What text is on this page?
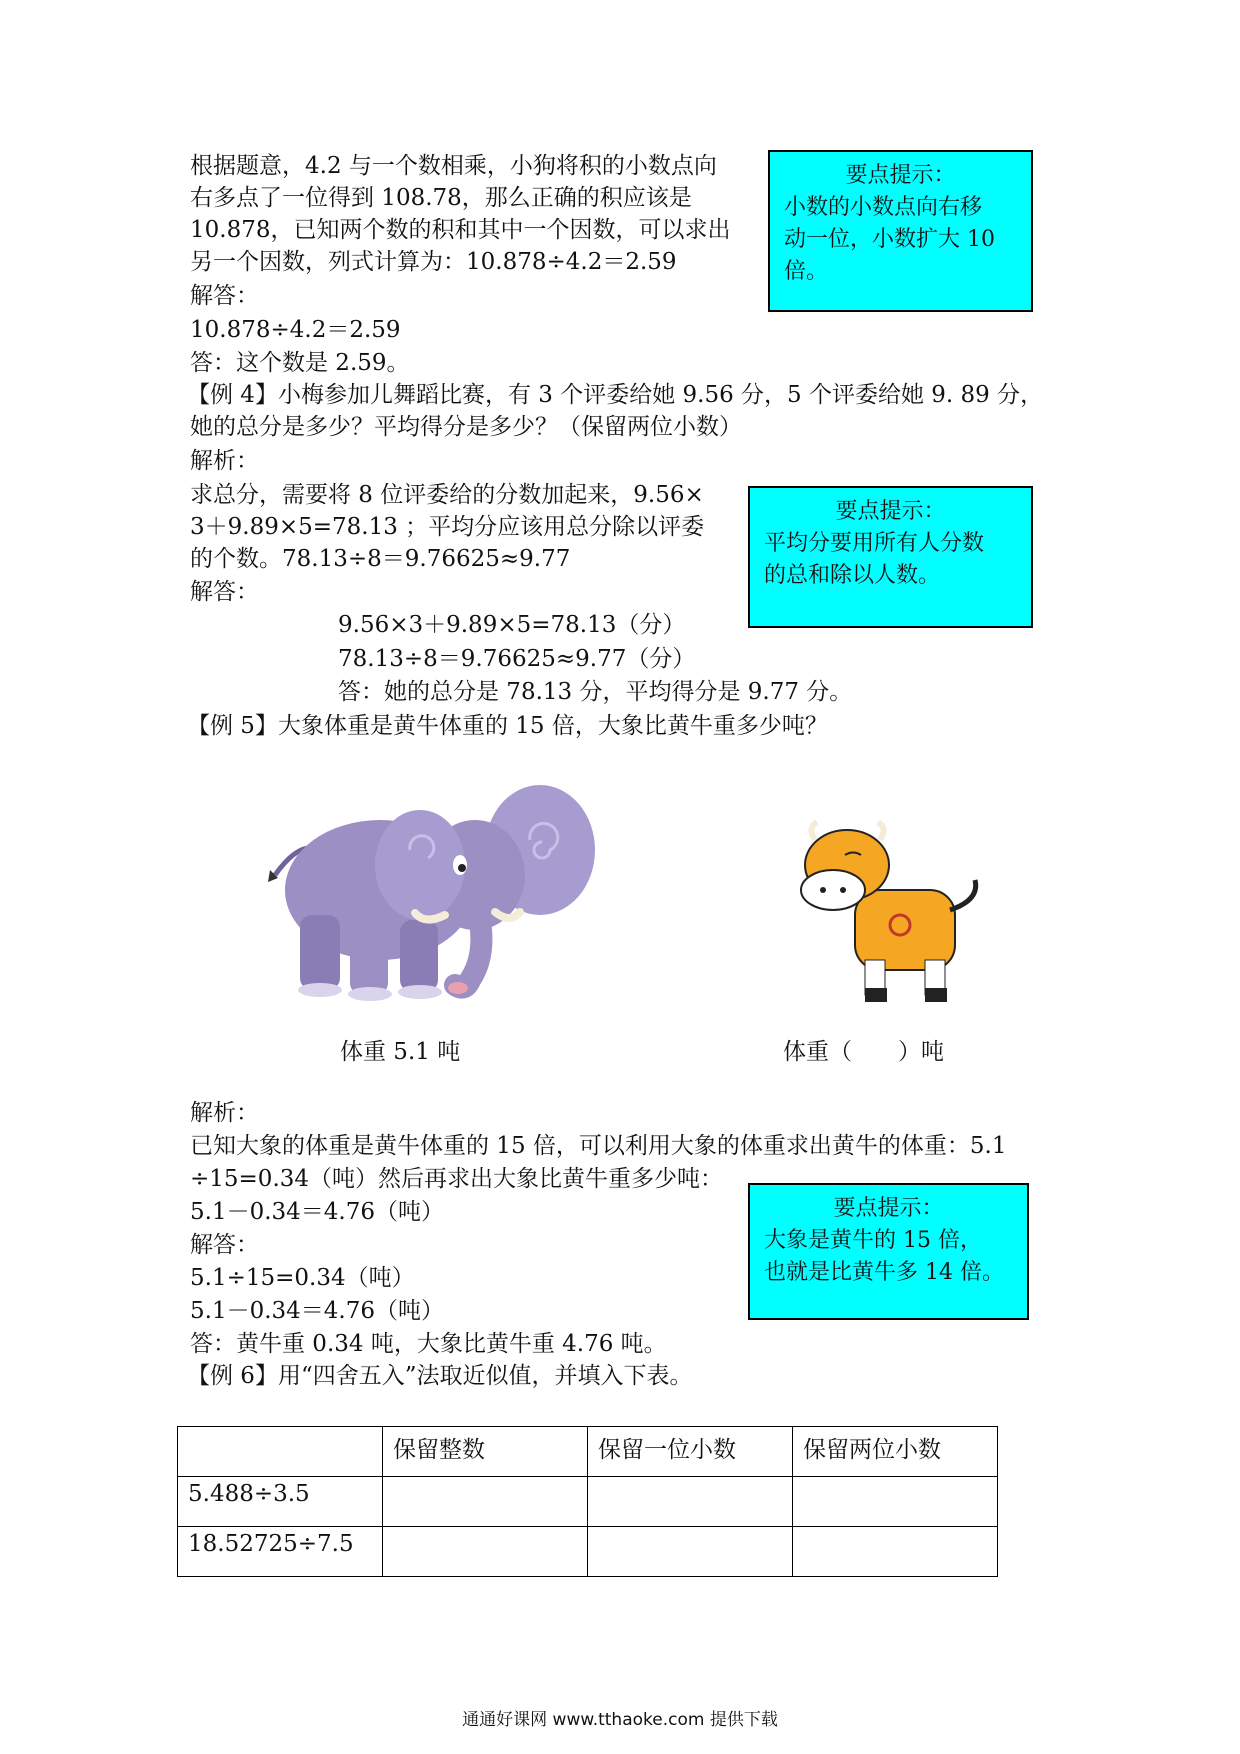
根据题意，4.2 与一个数相乘，小狗将积的小数点向
右多点了一位得到 108.78，那么正确的积应该是
10.878，已知两个数的积和其中一个因数，可以求出
另一个因数，列式计算为：10.878÷4.2＝2.59
解答：
10.878÷4.2＝2.59
答：这个数是 2.59。
【例 4】小梅参加儿舞蹈比赛，有 3 个评委给她 9.56 分，5 个评委给她 9. 89 分，
她的总分是多少？平均得分是多少？（保留两位小数）
解析：
求总分，需要将 8 位评委给的分数加起来，9.56×
3＋9.89×5=78.13 ；平均分应该用总分除以评委
的个数。78.13÷8＝9.76625≈9.77
解答：
9.56×3＋9.89×5=78.13（分）
78.13÷8＝9.76625≈9.77（分）
答：她的总分是 78.13 分，平均得分是 9.77 分。
【例 5】大象体重是黄牛体重的 15 倍，大象比黄牛重多少吨？
体重 5.1 吨	体重（　　）吨
解析：
已知大象的体重是黄牛体重的 15 倍，可以利用大象的体重求出黄牛的体重：5.1
÷15=0.34（吨）然后再求出大象比黄牛重多少吨：
5.1－0.34＝4.76（吨）
解答：
5.1÷15=0.34（吨）
5.1－0.34＝4.76（吨）
答：黄牛重 0.34 吨，大象比黄牛重 4.76 吨。
【例 6】用“四舍五入”法取近似值，并填入下表。
要点提示：
小数的小数点向右移
动一位，小数扩大 10
倍。
要点提示：
平均分要用所有人分数
的总和除以人数。
要点提示：
大象是黄牛的 15 倍，
也就是比黄牛多 14 倍。
	保留整数	保留一位小数	保留两位小数
5.488÷3.5			
18.52725÷7.5			
通通好课网 www.tthaoke.com 提供下载
